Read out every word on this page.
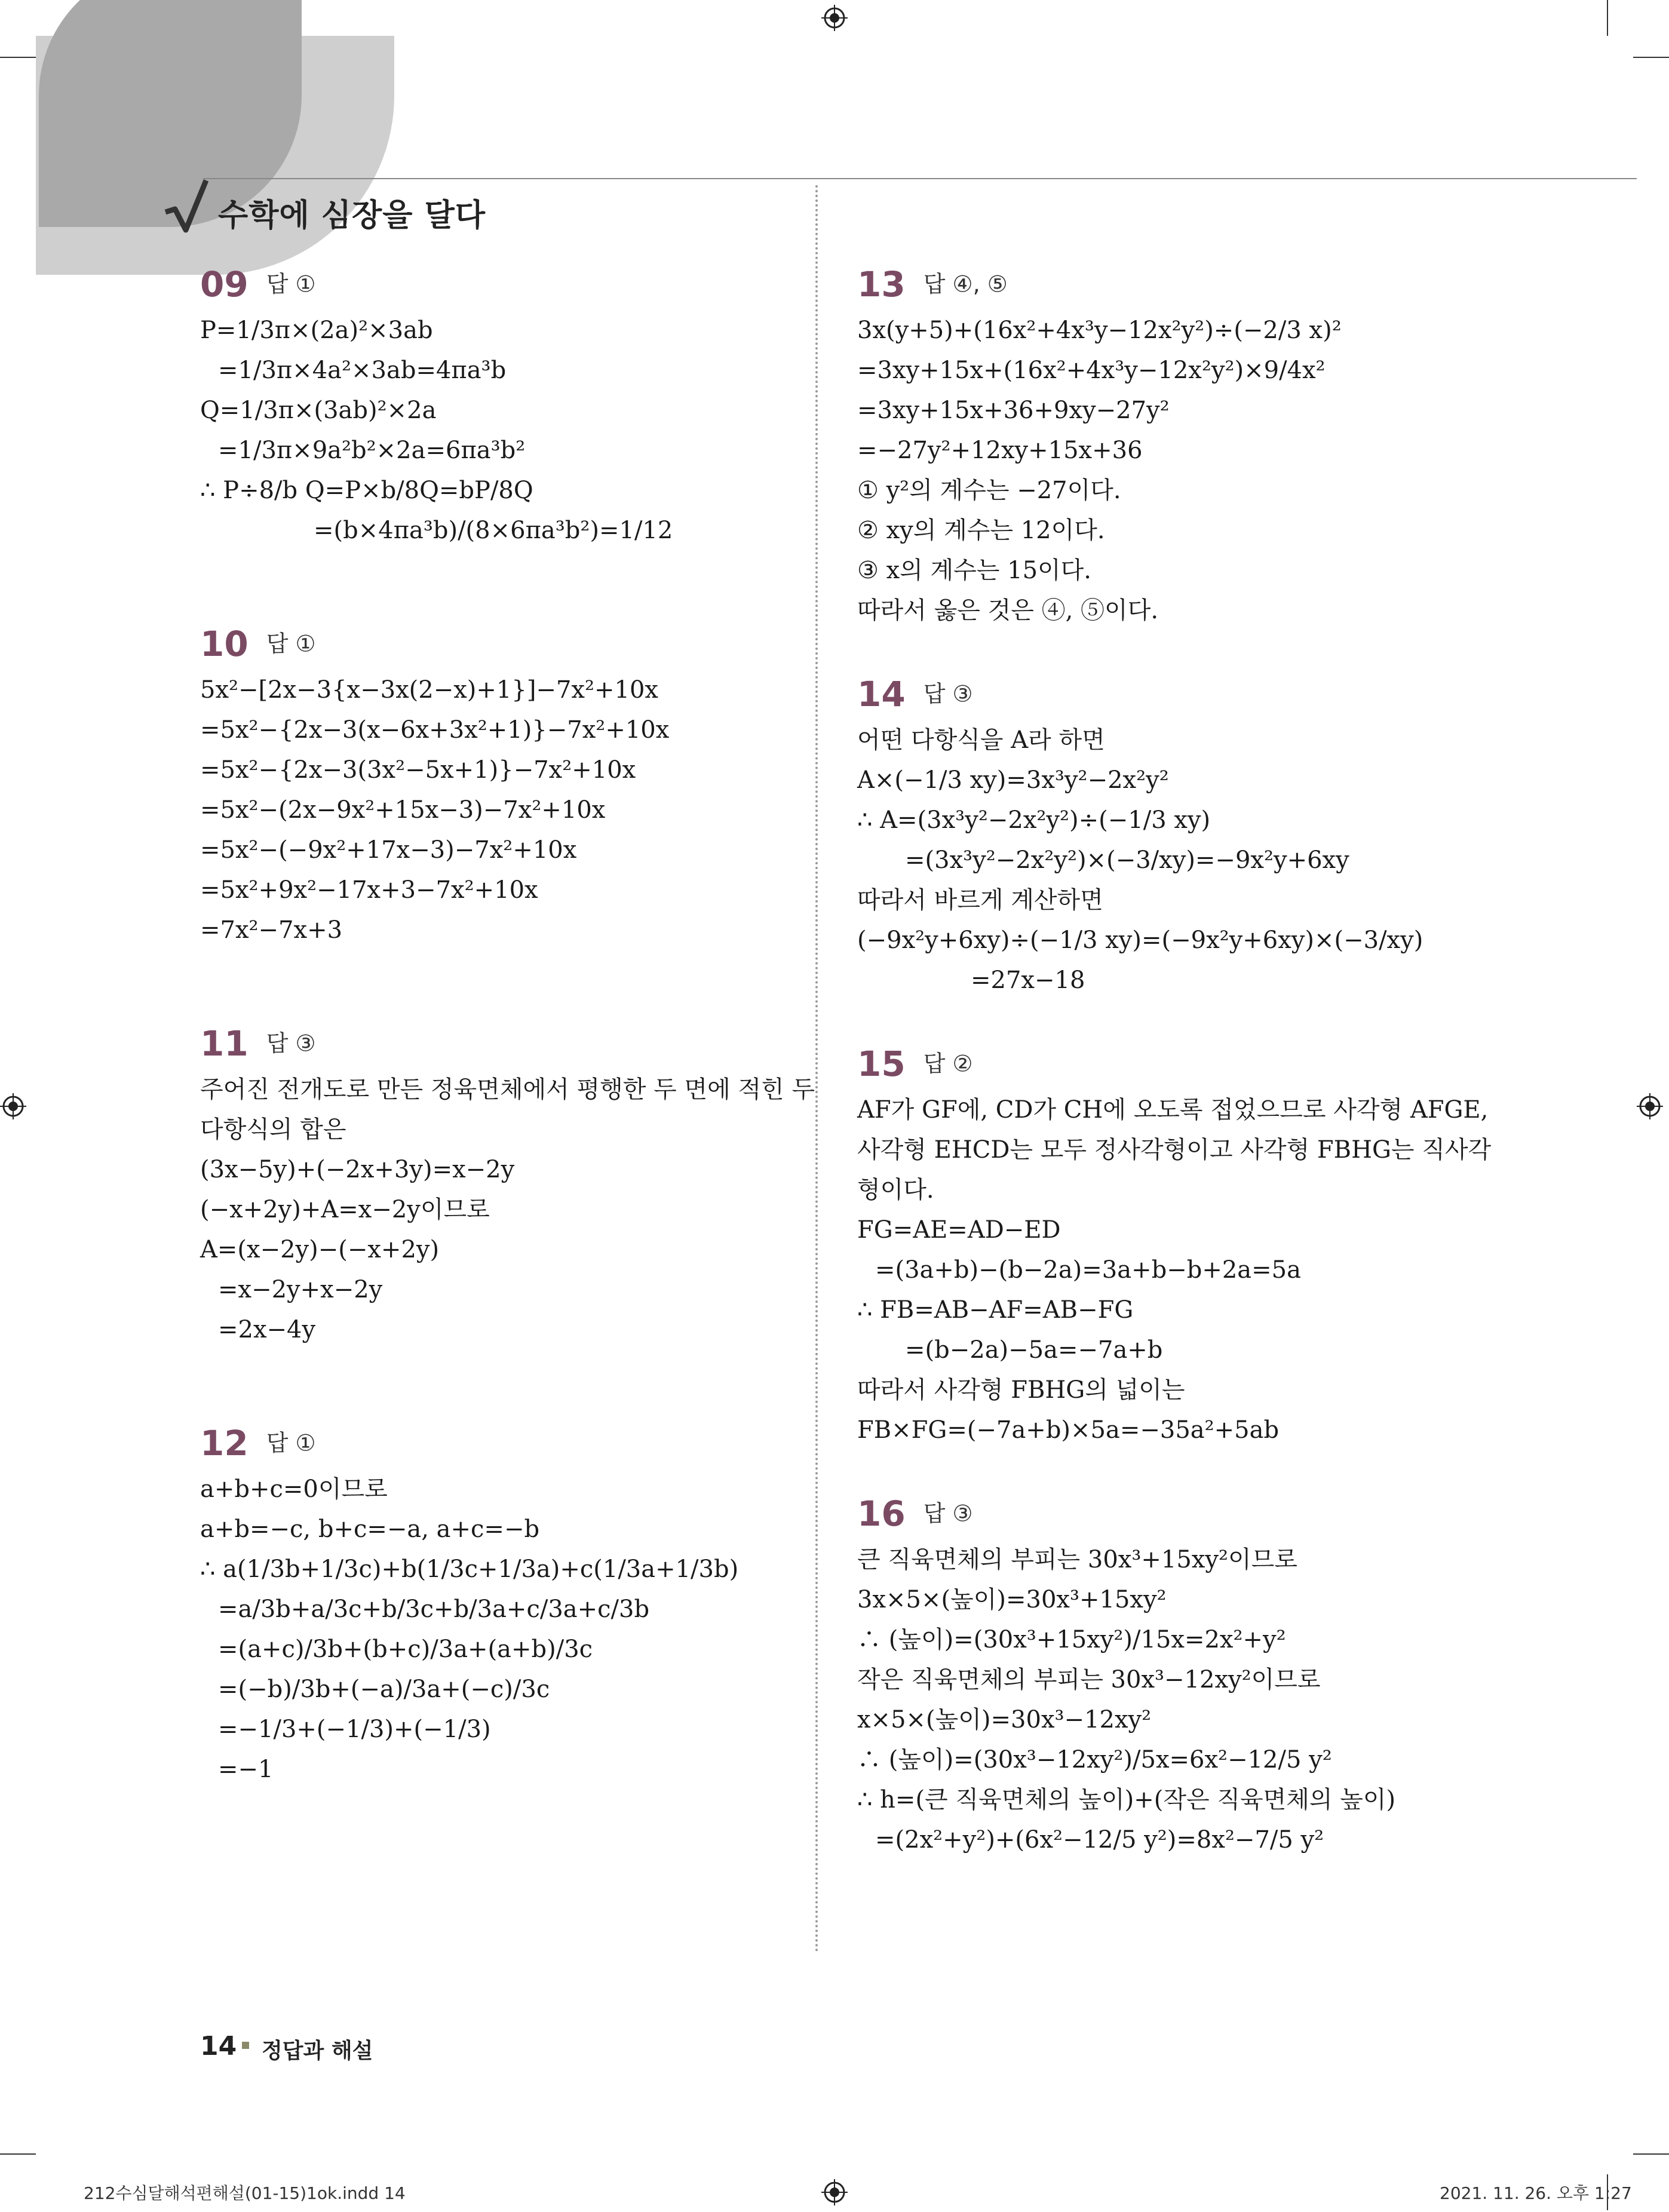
수학에 심장을 달다
09 답 ①
P=1/3π×(2a)²×3ab
=1/3π×4a²×3ab=4πa³b
Q=1/3π×(3ab)²×2a
=1/3π×9a²b²×2a=6πa³b²
∴ P÷8/b Q=P×b/8Q=bP/8Q
=(b×4πa³b)/(8×6πa³b²)=1/12
10 답 ①
5x²−[2x−3{x−3x(2−x)+1}]−7x²+10x
=5x²−{2x−3(x−6x+3x²+1)}−7x²+10x
=5x²−{2x−3(3x²−5x+1)}−7x²+10x
=5x²−(2x−9x²+15x−3)−7x²+10x
=5x²−(−9x²+17x−3)−7x²+10x
=5x²+9x²−17x+3−7x²+10x
=7x²−7x+3
11 답 ③
주어진 전개도로 만든 정육면체에서 평행한 두 면에 적힌 두
다항식의 합은
(3x−5y)+(−2x+3y)=x−2y
(−x+2y)+A=x−2y이므로
A=(x−2y)−(−x+2y)
=x−2y+x−2y
=2x−4y
12 답 ①
a+b+c=0이므로
a+b=−c, b+c=−a, a+c=−b
∴ a(1/3b+1/3c)+b(1/3c+1/3a)+c(1/3a+1/3b)
=a/3b+a/3c+b/3c+b/3a+c/3a+c/3b
=(a+c)/3b+(b+c)/3a+(a+b)/3c
=(−b)/3b+(−a)/3a+(−c)/3c
=−1/3+(−1/3)+(−1/3)
=−1
13 답 ④, ⑤
3x(y+5)+(16x²+4x³y−12x²y²)÷(−2/3 x)²
=3xy+15x+(16x²+4x³y−12x²y²)×9/4x²
=3xy+15x+36+9xy−27y²
=−27y²+12xy+15x+36
① y²의 계수는 −27이다.
② xy의 계수는 12이다.
③ x의 계수는 15이다.
따라서 옳은 것은 ④, ⑤이다.
14 답 ③
어떤 다항식을 A라 하면
A×(−1/3 xy)=3x³y²−2x²y²
∴ A=(3x³y²−2x²y²)÷(−1/3 xy)
=(3x³y²−2x²y²)×(−3/xy)=−9x²y+6xy
따라서 바르게 계산하면
(−9x²y+6xy)÷(−1/3 xy)=(−9x²y+6xy)×(−3/xy)
=27x−18
15 답 ②
AF가 GF에, CD가 CH에 오도록 접었으므로 사각형 AFGE,
사각형 EHCD는 모두 정사각형이고 사각형 FBHG는 직사각
형이다.
FG=AE=AD−ED
=(3a+b)−(b−2a)=3a+b−b+2a=5a
∴ FB=AB−AF=AB−FG
=(b−2a)−5a=−7a+b
따라서 사각형 FBHG의 넓이는
FB×FG=(−7a+b)×5a=−35a²+5ab
16 답 ③
큰 직육면체의 부피는 30x³+15xy²이므로
3x×5×(높이)=30x³+15xy²
∴ (높이)=(30x³+15xy²)/15x=2x²+y²
작은 직육면체의 부피는 30x³−12xy²이므로
x×5×(높이)=30x³−12xy²
∴ (높이)=(30x³−12xy²)/5x=6x²−12/5 y²
∴ h=(큰 직육면체의 높이)+(작은 직육면체의 높이)
=(2x²+y²)+(6x²−12/5 y²)=8x²−7/5 y²
14 정답과 해설
212수심달해석편해설(01-15)1ok.indd 14	2021. 11. 26. 오후 1:27
